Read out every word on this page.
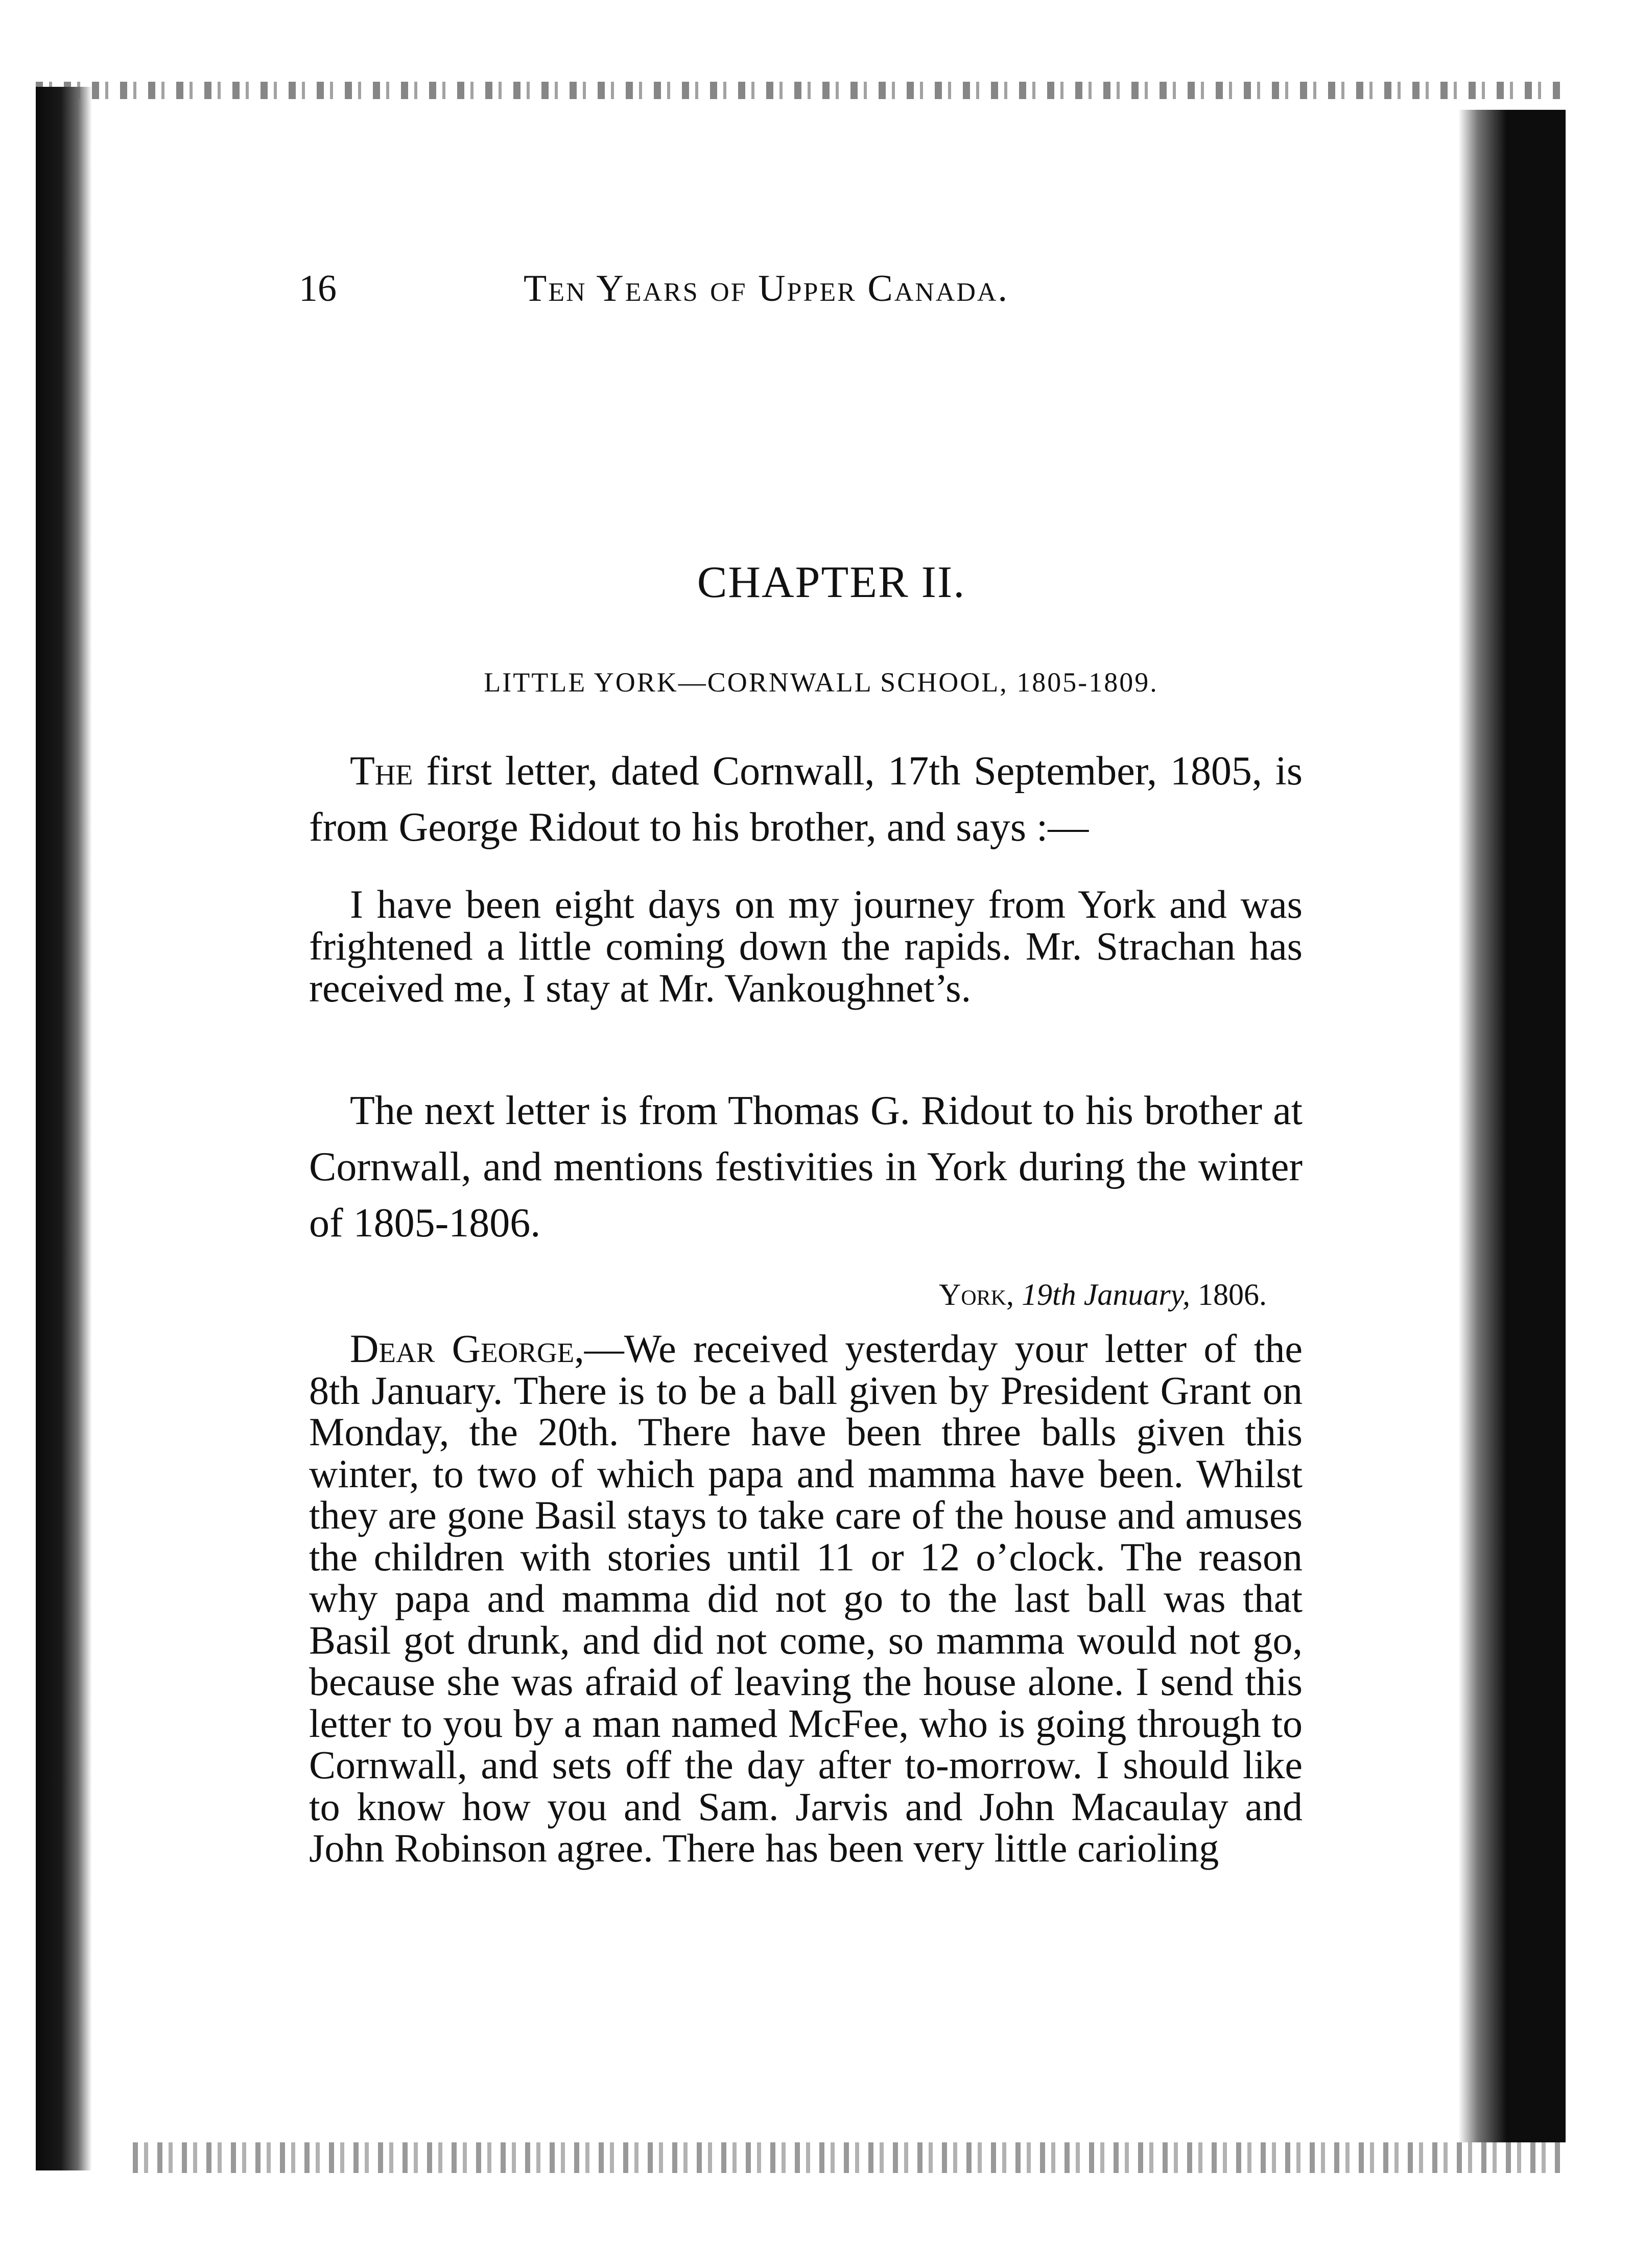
16	Ten Years of Upper Canada.
CHAPTER II.
LITTLE YORK—CORNWALL SCHOOL, 1805-1809.

The first letter, dated Cornwall, 17th September, 1805, is from George Ridout to his brother, and says :—

I have been eight days on my journey from York and was frightened a little coming down the rapids. Mr. Strachan has received me, I stay at Mr. Vankoughnet’s.

The next letter is from Thomas G. Ridout to his brother at Cornwall, and mentions festivities in York during the winter of 1805-1806.

York, 19th January, 1806.

Dear George,—We received yesterday your letter of the 8th January. There is to be a ball given by President Grant on Monday, the 20th. There have been three balls given this winter, to two of which papa and mamma have been. Whilst they are gone Basil stays to take care of the house and amuses the children with stories until 11 or 12 o’clock. The reason why papa and mamma did not go to the last ball was that Basil got drunk, and did not come, so mamma would not go, because she was afraid of leaving the house alone. I send this letter to you by a man named McFee, who is going through to Cornwall, and sets off the day after to-morrow. I should like to know how you and Sam. Jarvis and John Macaulay and John Robinson agree. There has been very little carioling
